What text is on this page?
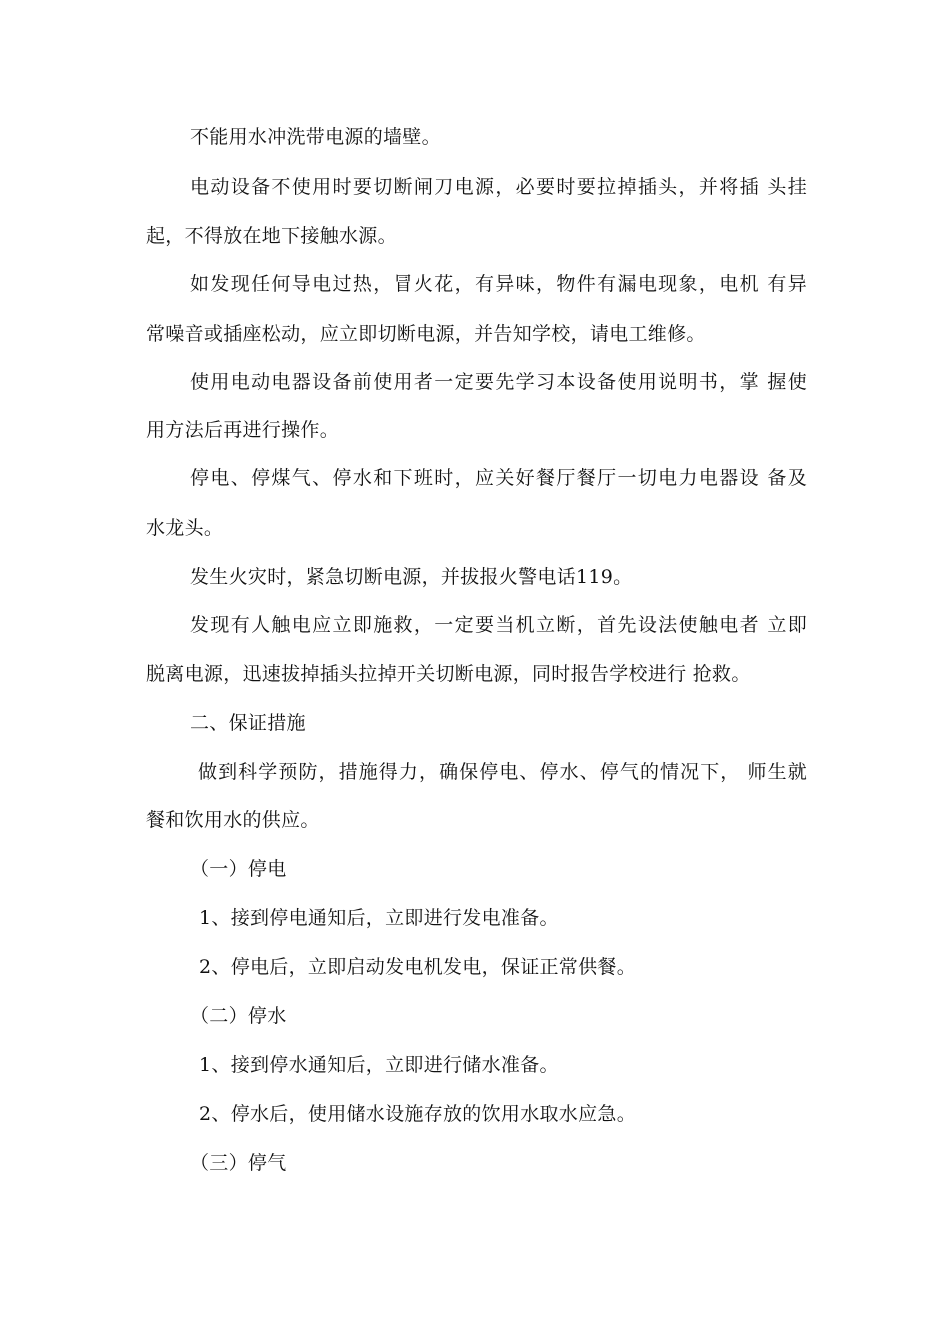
不能用水冲洗带电源的墙壁。
电动设备不使用时要切断闸刀电源，必要时要拉掉插头，并将插 头挂
起，不得放在地下接触水源。
如发现任何导电过热，冒火花，有异味，物件有漏电现象，电机 有异
常噪音或插座松动，应立即切断电源，并告知学校，请电工维修。
使用电动电器设备前使用者一定要先学习本设备使用说明书，掌 握使
用方法后再进行操作。
停电、停煤气、停水和下班时，应关好餐厅餐厅一切电力电器设 备及
水龙头。
发生火灾时，紧急切断电源，并拔报火警电话119。
发现有人触电应立即施救，一定要当机立断，首先设法使触电者 立即
脱离电源，迅速拔掉插头拉掉开关切断电源，同时报告学校进行 抢救。
二、保证措施
做到科学预防，措施得力，确保停电、停水、停气的情况下， 师生就
餐和饮用水的供应。
（一）停电
1、接到停电通知后，立即进行发电准备。
2、停电后，立即启动发电机发电，保证正常供餐。
（二）停水
1、接到停水通知后，立即进行储水准备。
2、停水后，使用储水设施存放的饮用水取水应急。
（三）停气
